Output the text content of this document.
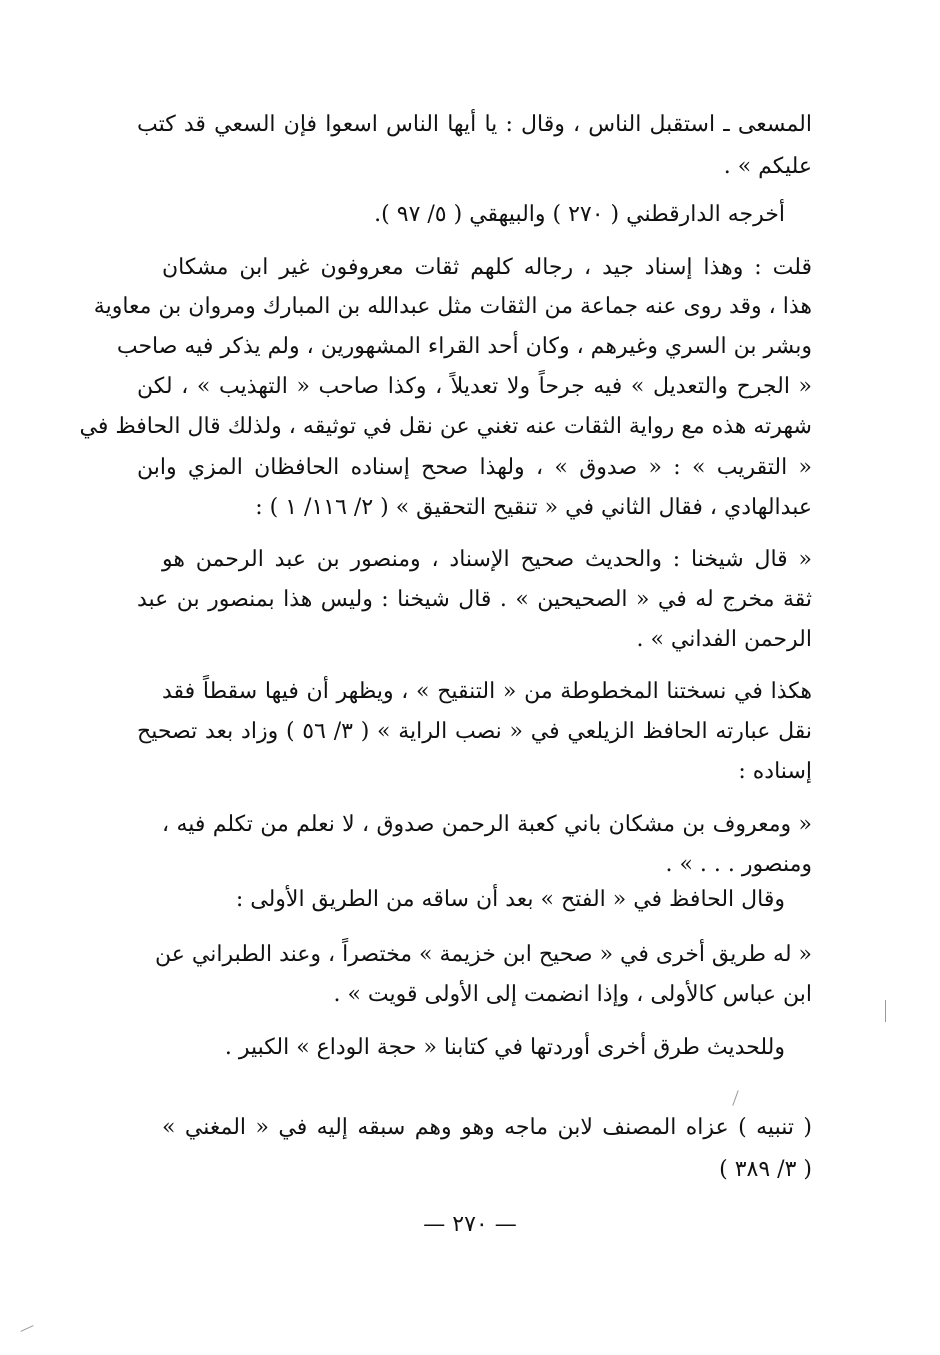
المسعى ـ استقبل الناس ، وقال : يا أيها الناس اسعوا فإن السعي قد كتب
عليكم » .
أخرجه الدارقطني ( ٢٧٠ ) والبيهقي ( ٥/ ٩٧ ).
قلت : وهذا إسناد جيد ، رجاله كلهم ثقات معروفون غير ابن مشكان
هذا ، وقد روى عنه جماعة من الثقات مثل عبدالله بن المبارك ومروان بن معاوية
وبشر بن السري وغيرهم ، وكان أحد القراء المشهورين ، ولم يذكر فيه صاحب
« الجرح والتعديل » فيه جرحاً ولا تعديلاً ، وكذا صاحب « التهذيب » ، لكن
شهرته هذه مع رواية الثقات عنه تغني عن نقل في توثيقه ، ولذلك قال الحافظ في
« التقريب » : « صدوق » ، ولهذا صحح إسناده الحافظان المزي وابن
عبدالهادي ، فقال الثاني في « تنقيح التحقيق » ( ٢/ ١١٦/ ١ ) :
« قال شيخنا : والحديث صحيح الإسناد ، ومنصور بن عبد الرحمن هو
ثقة مخرج له في « الصحيحين » . قال شيخنا : وليس هذا بمنصور بن عبد
الرحمن الفداني » .
هكذا في نسختنا المخطوطة من « التنقيح » ، ويظهر أن فيها سقطاً فقد
نقل عبارته الحافظ الزيلعي في « نصب الراية » ( ٣/ ٥٦ ) وزاد بعد تصحيح
إسناده :
« ومعروف بن مشكان باني كعبة الرحمن صدوق ، لا نعلم من تكلم فيه ،
ومنصور . . . » .
وقال الحافظ في « الفتح » بعد أن ساقه من الطريق الأولى :
« له طريق أخرى في « صحيح ابن خزيمة » مختصراً ، وعند الطبراني عن
ابن عباس كالأولى ، وإذا انضمت إلى الأولى قويت » .
وللحديث طرق أخرى أوردتها في كتابنا « حجة الوداع » الكبير .
( تنبيه ) عزاه المصنف لابن ماجه وهو وهم سبقه إليه في « المغني »
( ٣/ ٣٨٩ )
— ٢٧٠ —
